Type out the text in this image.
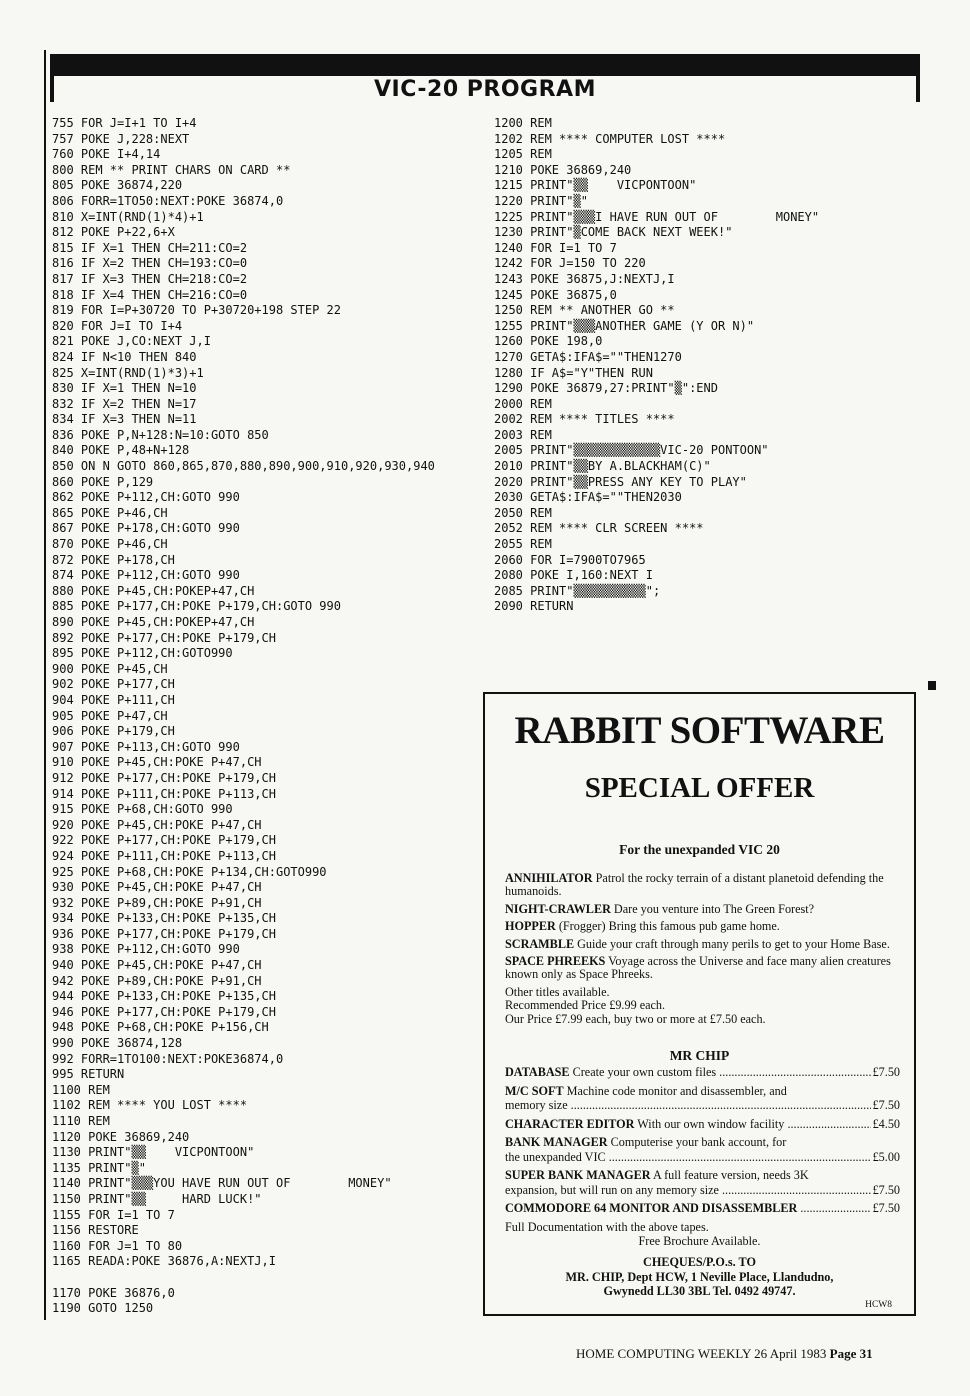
VIC-20 PROGRAM
755 FOR J=I+1 TO I+4
757 POKE J,228:NEXT
760 POKE I+4,14
800 REM ** PRINT CHARS ON CARD **
805 POKE 36874,220
806 FORR=1TO50:NEXT:POKE 36874,0
810 X=INT(RND(1)*4)+1
812 POKE P+22,6+X
815 IF X=1 THEN CH=211:CO=2
816 IF X=2 THEN CH=193:CO=0
817 IF X=3 THEN CH=218:CO=2
818 IF X=4 THEN CH=216:CO=0
819 FOR I=P+30720 TO P+30720+198 STEP 22
820 FOR J=I TO I+4
821 POKE J,CO:NEXT J,I
824 IF N<10 THEN 840
825 X=INT(RND(1)*3)+1
830 IF X=1 THEN N=10
832 IF X=2 THEN N=17
834 IF X=3 THEN N=11
836 POKE P,N+128:N=10:GOTO 850
840 POKE P,48+N+128
850 ON N GOTO 860,865,870,880,890,900,910,920,930,940
860 POKE P,129
862 POKE P+112,CH:GOTO 990
865 POKE P+46,CH
867 POKE P+178,CH:GOTO 990
870 POKE P+46,CH
872 POKE P+178,CH
874 POKE P+112,CH:GOTO 990
880 POKE P+45,CH:POKEP+47,CH
885 POKE P+177,CH:POKE P+179,CH:GOTO 990
890 POKE P+45,CH:POKEP+47,CH
892 POKE P+177,CH:POKE P+179,CH
895 POKE P+112,CH:GOTO990
900 POKE P+45,CH
902 POKE P+177,CH
904 POKE P+111,CH
905 POKE P+47,CH
906 POKE P+179,CH
907 POKE P+113,CH:GOTO 990
910 POKE P+45,CH:POKE P+47,CH
912 POKE P+177,CH:POKE P+179,CH
914 POKE P+111,CH:POKE P+113,CH
915 POKE P+68,CH:GOTO 990
920 POKE P+45,CH:POKE P+47,CH
922 POKE P+177,CH:POKE P+179,CH
924 POKE P+111,CH:POKE P+113,CH
925 POKE P+68,CH:POKE P+134,CH:GOTO990
930 POKE P+45,CH:POKE P+47,CH
932 POKE P+89,CH:POKE P+91,CH
934 POKE P+133,CH:POKE P+135,CH
936 POKE P+177,CH:POKE P+179,CH
938 POKE P+112,CH:GOTO 990
940 POKE P+45,CH:POKE P+47,CH
942 POKE P+89,CH:POKE P+91,CH
944 POKE P+133,CH:POKE P+135,CH
946 POKE P+177,CH:POKE P+179,CH
948 POKE P+68,CH:POKE P+156,CH
990 POKE 36874,128
992 FORR=1TO100:NEXT:POKE36874,0
995 RETURN
1100 REM
1102 REM **** YOU LOST ****
1110 REM
1120 POKE 36869,240
1130 PRINT"▒▒    VICPONTOON"
1135 PRINT"▒"
1140 PRINT"▒▒▒YOU HAVE RUN OUT OF        MONEY"
1150 PRINT"▒▒     HARD LUCK!"
1155 FOR I=1 TO 7
1156 RESTORE
1160 FOR J=1 TO 80
1165 READA:POKE 36876,A:NEXTJ,I
1170 POKE 36876,0
1190 GOTO 1250
1200 REM
1202 REM **** COMPUTER LOST ****
1205 REM
1210 POKE 36869,240
1215 PRINT"▒▒    VICPONTOON"
1220 PRINT"▒"
1225 PRINT"▒▒▒I HAVE RUN OUT OF        MONEY"
1230 PRINT"▒COME BACK NEXT WEEK!"
1240 FOR I=1 TO 7
1242 FOR J=150 TO 220
1243 POKE 36875,J:NEXTJ,I
1245 POKE 36875,0
1250 REM ** ANOTHER GO **
1255 PRINT"▒▒▒ANOTHER GAME (Y OR N)"
1260 POKE 198,0
1270 GETA$:IFA$=""THEN1270
1280 IF A$="Y"THEN RUN
1290 POKE 36879,27:PRINT"▒":END
2000 REM
2002 REM **** TITLES ****
2003 REM
2005 PRINT"▒▒▒▒▒▒▒▒▒▒▒▒VIC-20 PONTOON"
2010 PRINT"▒▒BY A.BLACKHAM(C)"
2020 PRINT"▒▒PRESS ANY KEY TO PLAY"
2030 GETA$:IFA$=""THEN2030
2050 REM
2052 REM **** CLR SCREEN ****
2055 REM
2060 FOR I=7900TO7965
2080 POKE I,160:NEXT I
2085 PRINT"▒▒▒▒▒▒▒▒▒▒";
2090 RETURN
RABBIT SOFTWARE
SPECIAL OFFER
For the unexpanded VIC 20

ANNIHILATOR Patrol the rocky terrain of a distant planetoid defending the humanoids.

NIGHT-CRAWLER Dare you venture into The Green Forest?

HOPPER (Frogger) Bring this famous pub game home.

SCRAMBLE Guide your craft through many perils to get to your Home Base.

SPACE PHREEKS Voyage across the Universe and face many alien creatures known only as Space Phreeks.

Other titles available.
Recommended Price £9.99 each.
Our Price £7.99 each, buy two or more at £7.50 each.
MR CHIP
DATABASE Create your own custom files .....	£7.50
M/C SOFT Machine code monitor and disassembler, and
memory size .....	£7.50
CHARACTER EDITOR With our own window facility .....	£4.50
BANK MANAGER Computerise your bank account, for
the unexpanded VIC .....	£5.00
SUPER BANK MANAGER A full feature version, needs 3K
expansion, but will run on any memory size .....	£7.50
COMMODORE 64 MONITOR AND DISASSEMBLER .....	£7.50
Full Documentation with the above tapes.
Free Brochure Available.
CHEQUES/P.O.s. TO
MR. CHIP, Dept HCW, 1 Neville Place, Llandudno,
Gwynedd LL30 3BL Tel. 0492 49747.
HCW8
HOME COMPUTING WEEKLY 26 April 1983 Page 31
